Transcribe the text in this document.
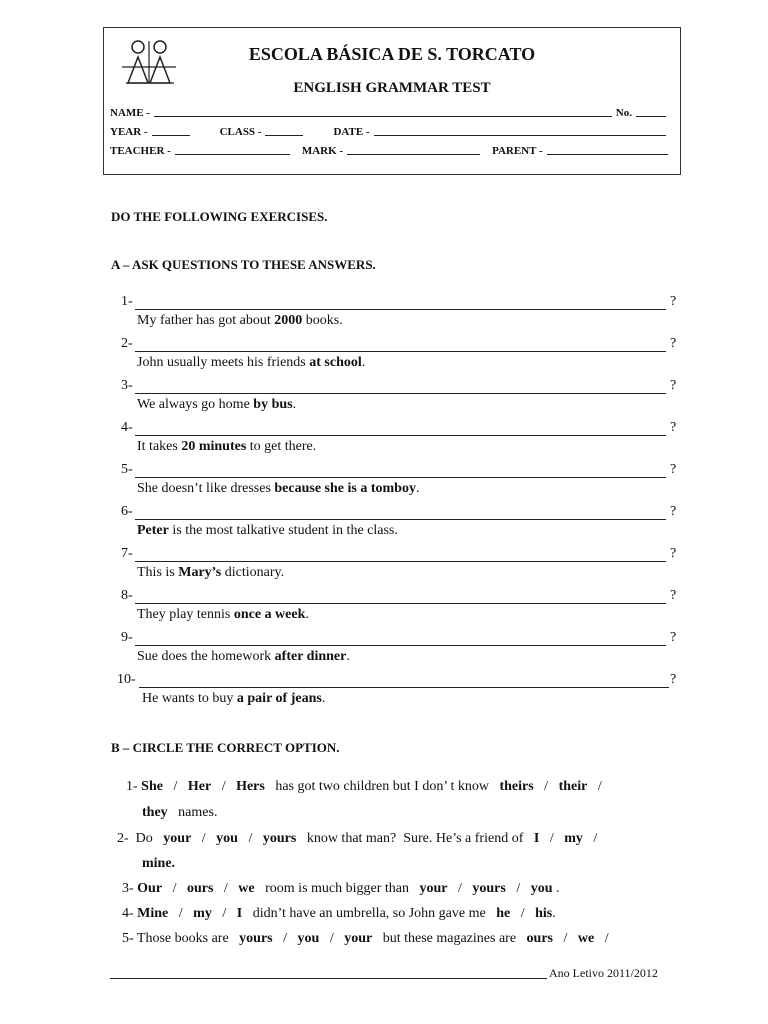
ESCOLA BÁSICA DE S. TORCATO
ENGLISH GRAMMAR TEST
NAME -	No.
YEAR -	CLASS -	DATE -
TEACHER -	MARK -	PARENT -
DO THE FOLLOWING EXERCISES.
A – ASK QUESTIONS TO THESE ANSWERS.
1-	?
My father has got about 2000 books.
2-	?
John usually meets his friends at school.
3-	?
We always go home by bus.
4-	?
It takes 20 minutes to get there.
5-	?
She doesn’t like dresses because she is a tomboy.
6-	?
Peter is the most talkative student in the class.
7-	?
This is Mary’s dictionary.
8-	?
They play tennis once a week.
9-	?
Sue does the homework after dinner.
10-	?
He wants to buy a pair of jeans.
B – CIRCLE THE CORRECT OPTION.
1- She   /   Her   /   Hers   has got two children but I don’ t know   theirs   /   their   /
they   names.
2-  Do   your   /   you   /   yours   know that man?  Sure. He’s a friend of   I   /   my   /
mine.
3- Our   /   ours   /   we   room is much bigger than   your   /   yours   /   you .
4- Mine   /   my   /   I   didn’t have an umbrella, so John gave me   he   /   his.
5- Those books are   yours   /   you   /   your   but these magazines are   ours   /   we   /
Ano Letivo 2011/2012
